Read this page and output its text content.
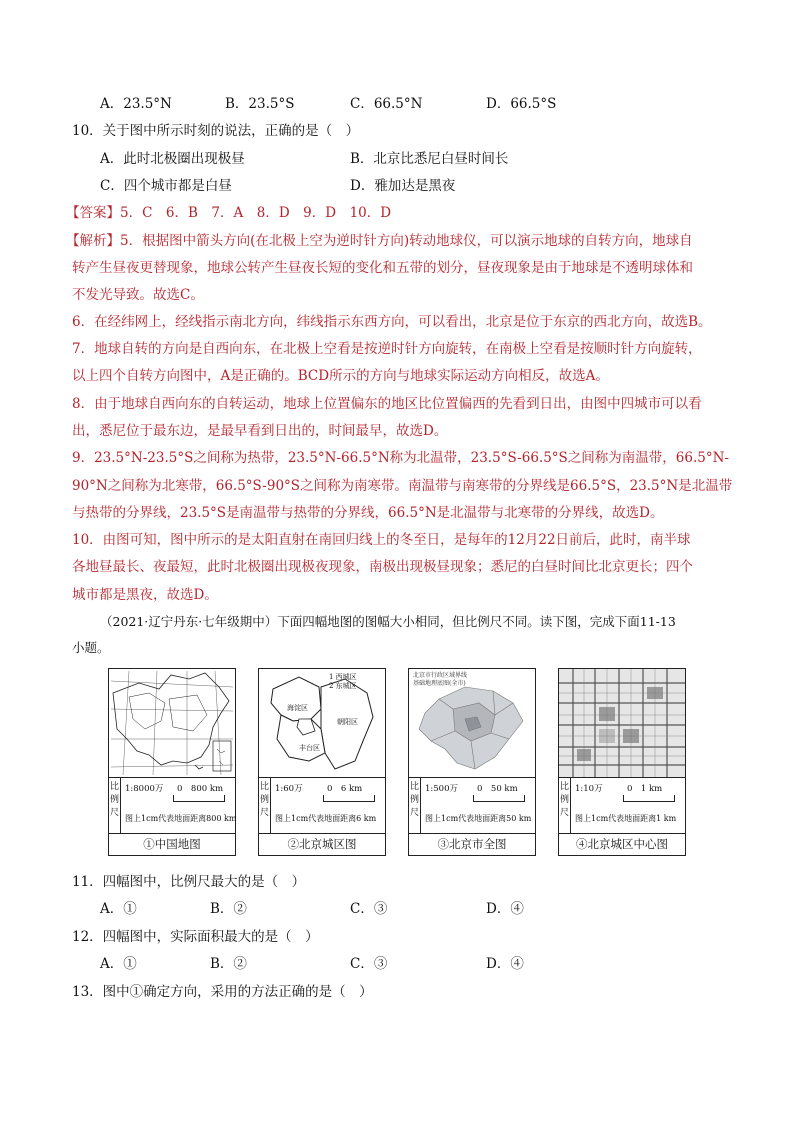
A．23.5°N	B．23.5°S	C．66.5°N	D．66.5°S
10．关于图中所示时刻的说法，正确的是（　）
A．此时北极圈出现极昼	B．北京比悉尼白昼时间长
C．四个城市都是白昼	D．雅加达是黑夜
【答案】5．C　6．B　7．A　8．D　9．D　10．D
【解析】5．根据图中箭头方向(在北极上空为逆时针方向)转动地球仪，可以演示地球的自转方向，地球自
转产生昼夜更替现象，地球公转产生昼夜长短的变化和五带的划分，昼夜现象是由于地球是不透明球体和
不发光导致。故选C。
6．在经纬网上，经线指示南北方向，纬线指示东西方向，可以看出，北京是位于东京的西北方向，故选B。
7．地球自转的方向是自西向东，在北极上空看是按逆时针方向旋转，在南极上空看是按顺时针方向旋转，
以上四个自转方向图中，A是正确的。BCD所示的方向与地球实际运动方向相反，故选A。
8．由于地球自西向东的自转运动，地球上位置偏东的地区比位置偏西的先看到日出，由图中四城市可以看
出，悉尼位于最东边，是最早看到日出的，时间最早，故选D。
9．23.5°N-23.5°S之间称为热带，23.5°N-66.5°N称为北温带，23.5°S-66.5°S之间称为南温带，66.5°N-
90°N之间称为北寒带，66.5°S-90°S之间称为南寒带。南温带与南寒带的分界线是66.5°S，23.5°N是北温带
与热带的分界线，23.5°S是南温带与热带的分界线，66.5°N是北温带与北寒带的分界线，故选D。
10．由图可知，图中所示的是太阳直射在南回归线上的冬至日，是每年的12月22日前后，此时，南半球
各地昼最长、夜最短，此时北极圈出现极夜现象，南极出现极昼现象；悉尼的白昼时间比北京更长；四个
城市都是黑夜，故选D。
（2021·辽宁丹东·七年级期中）下面四幅地图的图幅大小相同，但比例尺不同。读下图，完成下面11-13
小题。
比例尺
1:8000万 0　800 km
图上1cm代表地面距离800 km
①中国地图
1 西城区
2 东城区
海淀区
朝阳区
丰台区
比例尺
1:60万	0　6 km
图上1cm代表地面距离6 km
②北京城区图
北京市行政区域界线
基础地理底图(全市)
比例尺
1:500万 0　50 km
图上1cm代表地面距离50 km
③北京市全图
比例尺
1:10万	0　1 km
图上1cm代表地面距离1 km
④北京城区中心图
11．四幅图中，比例尺最大的是（　）
A．①	B．②	C．③	D．④
12．四幅图中，实际面积最大的是（　）
A．①	B．②	C．③	D．④
13．图中①确定方向，采用的方法正确的是（　）
